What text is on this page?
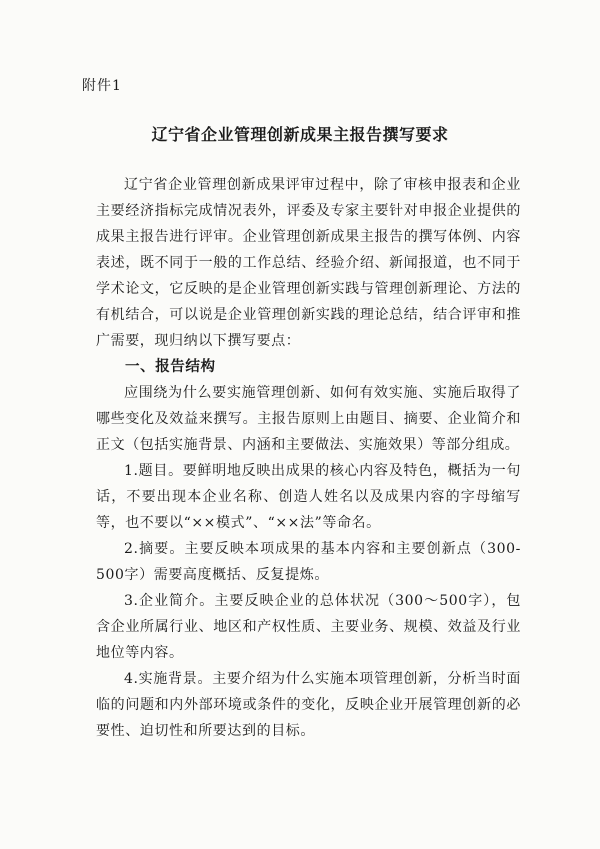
附件1
辽宁省企业管理创新成果主报告撰写要求

辽宁省企业管理创新成果评审过程中，除了审核申报表和企业主要经济指标完成情况表外，评委及专家主要针对申报企业提供的成果主报告进行评审。企业管理创新成果主报告的撰写体例、内容表述，既不同于一般的工作总结、经验介绍、新闻报道，也不同于学术论文，它反映的是企业管理创新实践与管理创新理论、方法的有机结合，可以说是企业管理创新实践的理论总结，结合评审和推广需要，现归纳以下撰写要点：

一、报告结构

应围绕为什么要实施管理创新、如何有效实施、实施后取得了哪些变化及效益来撰写。主报告原则上由题目、摘要、企业简介和正文（包括实施背景、内涵和主要做法、实施效果）等部分组成。

1.题目。要鲜明地反映出成果的核心内容及特色，概括为一句话，不要出现本企业名称、创造人姓名以及成果内容的字母缩写等，也不要以“××模式”、“××法”等命名。

2.摘要。主要反映本项成果的基本内容和主要创新点（300-500字）需要高度概括、反复提炼。

3.企业简介。主要反映企业的总体状况（300～500字），包含企业所属行业、地区和产权性质、主要业务、规模、效益及行业地位等内容。

4.实施背景。主要介绍为什么实施本项管理创新，分析当时面临的问题和内外部环境或条件的变化，反映企业开展管理创新的必要性、迫切性和所要达到的目标。
